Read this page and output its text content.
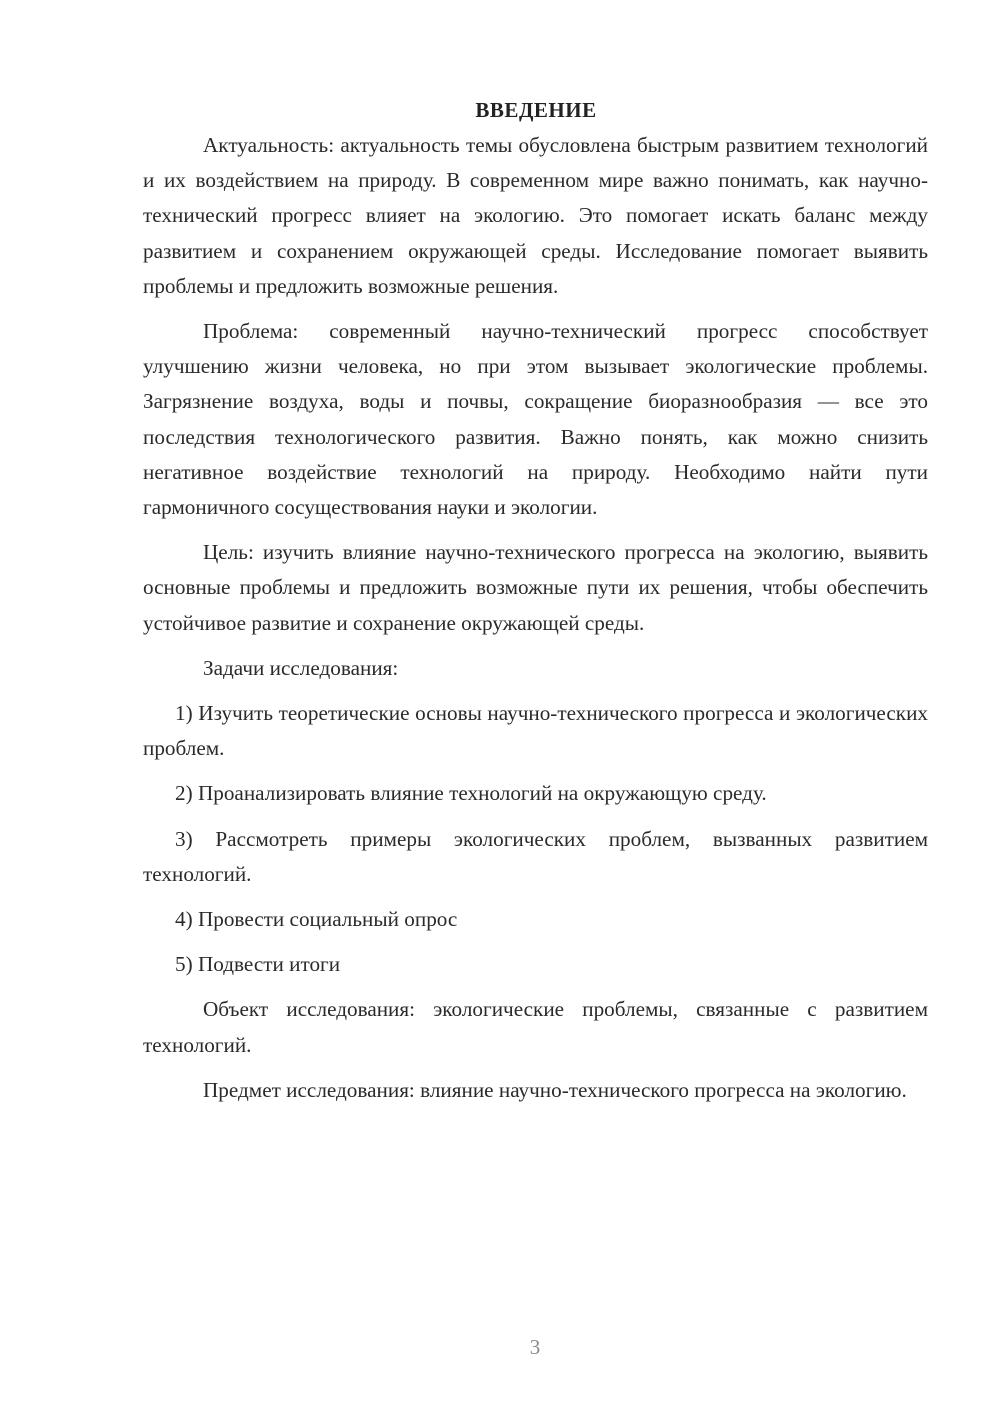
ВВЕДЕНИЕ

Актуальность: актуальность темы обусловлена быстрым развитием технологий и их воздействием на природу. В современном мире важно понимать, как научно-технический прогресс влияет на экологию. Это помогает искать баланс между развитием и сохранением окружающей среды. Исследование помогает выявить проблемы и предложить возможные решения.

Проблема: современный научно-технический прогресс способствует улучшению жизни человека, но при этом вызывает экологические проблемы. Загрязнение воздуха, воды и почвы, сокращение биоразнообразия — все это последствия технологического развития. Важно понять, как можно снизить негативное воздействие технологий на природу. Необходимо найти пути гармоничного сосуществования науки и экологии.

Цель: изучить влияние научно-технического прогресса на экологию, выявить основные проблемы и предложить возможные пути их решения, чтобы обеспечить устойчивое развитие и сохранение окружающей среды.

Задачи исследования:

1) Изучить теоретические основы научно-технического прогресса и экологических проблем.

2) Проанализировать влияние технологий на окружающую среду.

3) Рассмотреть примеры экологических проблем, вызванных развитием технологий.

4) Провести социальный опрос

5) Подвести итоги

Объект исследования: экологические проблемы, связанные с развитием технологий.

Предмет исследования: влияние научно-технического прогресса на экологию.

3
